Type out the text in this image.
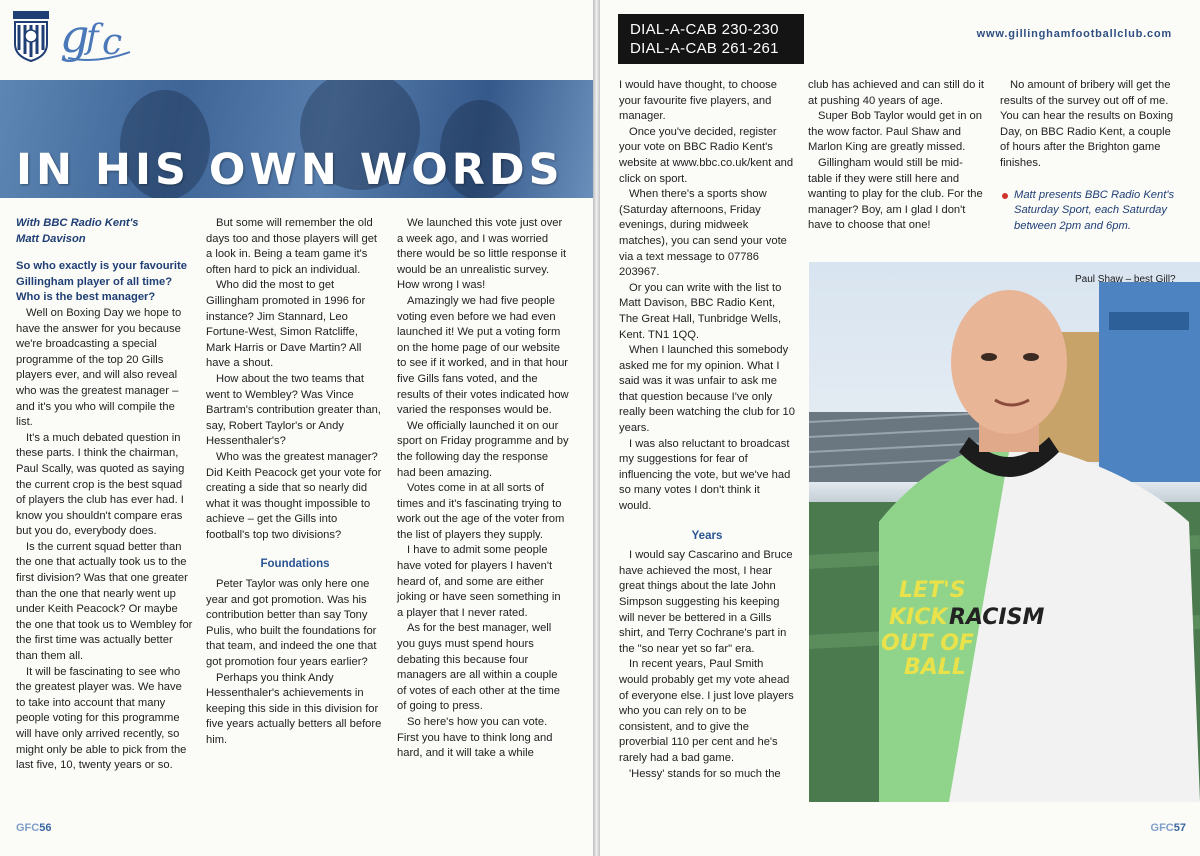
g
f c
IN HIS OWN WORDS

With BBC Radio Kent's

Matt Davison

So who exactly is your favourite Gillingham player of all time? Who is the best manager?

Well on Boxing Day we hope to have the answer for you because we're broadcasting a special programme of the top 20 Gills players ever, and will also reveal who was the greatest manager – and it's you who will compile the list.

It's a much debated question in these parts. I think the chairman, Paul Scally, was quoted as saying the current crop is the best squad of players the club has ever had. I know you shouldn't compare eras but you do, everybody does.

Is the current squad better than the one that actually took us to the first division? Was that one greater than the one that nearly went up under Keith Peacock? Or maybe the one that took us to Wembley for the first time was actually better than them all.

It will be fascinating to see who the greatest player was. We have to take into account that many people voting for this programme will have only arrived recently, so might only be able to pick from the last five, 10, twenty years or so.

But some will remember the old days too and those players will get a look in. Being a team game it's often hard to pick an individual.

Who did the most to get Gillingham promoted in 1996 for instance? Jim Stannard, Leo Fortune-West, Simon Ratcliffe, Mark Harris or Dave Martin? All have a shout.

How about the two teams that went to Wembley? Was Vince Bartram's contribution greater than, say, Robert Taylor's or Andy Hessenthaler's?

Who was the greatest manager? Did Keith Peacock get your vote for creating a side that so nearly did what it was thought impossible to achieve – get the Gills into football's top two divisions?

Foundations

Peter Taylor was only here one year and got promotion. Was his contribution better than say Tony Pulis, who built the foundations for that team, and indeed the one that got promotion four years earlier?

Perhaps you think Andy Hessenthaler's achievements in keeping this side in this division for five years actually betters all before him.

We launched this vote just over a week ago, and I was worried there would be so little response it would be an unrealistic survey. How wrong I was!

Amazingly we had five people voting even before we had even launched it! We put a voting form on the home page of our website to see if it worked, and in that hour five Gills fans voted, and the results of their votes indicated how varied the responses would be.

We officially launched it on our sport on Friday programme and by the following day the response had been amazing.

Votes come in at all sorts of times and it's fascinating trying to work out the age of the voter from the list of players they supply.

I have to admit some people have voted for players I haven't heard of, and some are either joking or have seen something in a player that I never rated.

As for the best manager, well you guys must spend hours debating this because four managers are all within a couple of votes of each other at the time of going to press.

So here's how you can vote. First you have to think long and hard, and it will take a while

GFC56
DIAL-A-CAB 230-230
DIAL-A-CAB 261-261
www.gillinghamfootballclub.com

I would have thought, to choose your favourite five players, and manager.

Once you've decided, register your vote on BBC Radio Kent's website at www.bbc.co.uk/kent and click on sport.

When there's a sports show (Saturday afternoons, Friday evenings, during midweek matches), you can send your vote via a text message to 07786 203967.

Or you can write with the list to Matt Davison, BBC Radio Kent, The Great Hall, Tunbridge Wells, Kent. TN1 1QQ.

When I launched this somebody asked me for my opinion. What I said was it was unfair to ask me that question because I've only really been watching the club for 10 years.

I was also reluctant to broadcast my suggestions for fear of influencing the vote, but we've had so many votes I don't think it would.

Years

I would say Cascarino and Bruce have achieved the most, I hear great things about the late John Simpson suggesting his keeping will never be bettered in a Gills shirt, and Terry Cochrane's part in the "so near yet so far" era.

In recent years, Paul Smith would probably get my vote ahead of everyone else. I just love players who you can rely on to be consistent, and to give the proverbial 110 per cent and he's rarely had a bad game.

'Hessy' stands for so much the

club has achieved and can still do it at pushing 40 years of age.

Super Bob Taylor would get in on the wow factor. Paul Shaw and Marlon King are greatly missed.

Gillingham would still be mid-table if they were still here and wanting to play for the club. For the manager? Boy, am I glad I don't have to choose that one!

No amount of bribery will get the results of the survey out off of me. You can hear the results on Boxing Day, on BBC Radio Kent, a couple of hours after the Brighton game finishes.

Matt presents BBC Radio Kent's Saturday Sport, each Saturday between 2pm and 6pm.

LET'S
KICK
OUT OF
BALL
RACISM
Paul Shaw – best Gill?
GFC57
